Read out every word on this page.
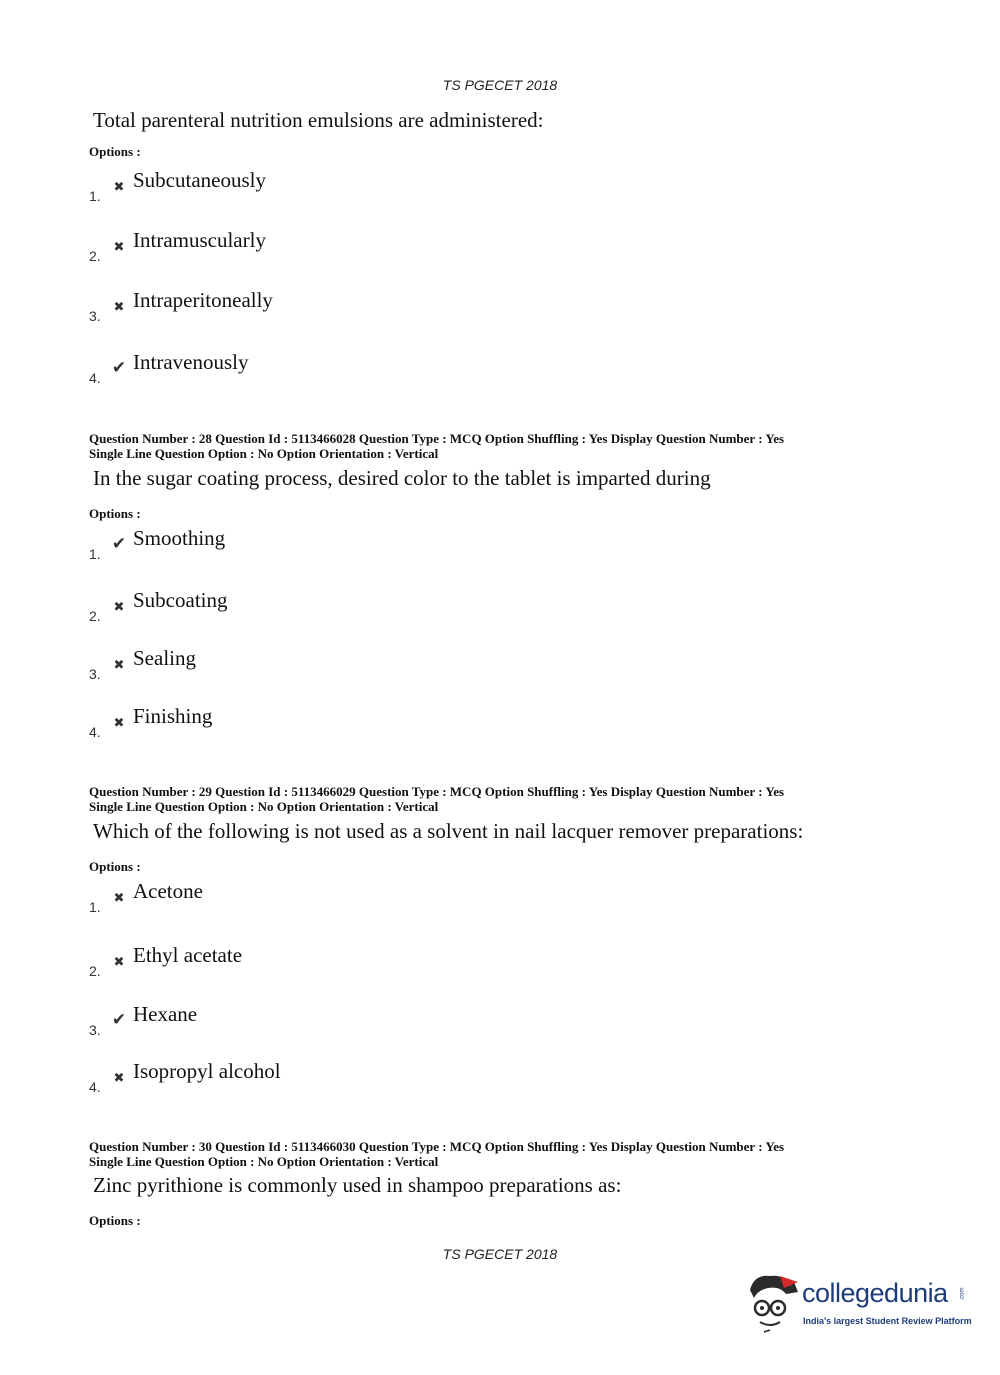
TS PGECET 2018
Total parenteral nutrition emulsions are administered:
Options :
1.
✖ Subcutaneously
2.
✖ Intramuscularly
3.
✖ Intraperitoneally
4. ✔ Intravenously
Question Number : 28 Question Id : 5113466028 Question Type : MCQ Option Shuffling : Yes Display Question Number : Yes
Single Line Question Option : No Option Orientation : Vertical
In the sugar coating process, desired color to the tablet is imparted during
Options :
1. ✔ Smoothing
2.
✖ Subcoating
3.
✖ Sealing
4.
✖ Finishing
Question Number : 29 Question Id : 5113466029 Question Type : MCQ Option Shuffling : Yes Display Question Number : Yes
Single Line Question Option : No Option Orientation : Vertical
Which of the following is not used as a solvent in nail lacquer remover preparations:
Options :
1.
✖ Acetone
2.
✖ Ethyl acetate
3. ✔ Hexane
4.
✖ Isopropyl alcohol
Question Number : 30 Question Id : 5113466030 Question Type : MCQ Option Shuffling : Yes Display Question Number : Yes
Single Line Question Option : No Option Orientation : Vertical
Zinc pyrithione is commonly used in shampoo preparations as:
Options :
TS PGECET 2018
collegedunia .com
India's largest Student Review Platform
